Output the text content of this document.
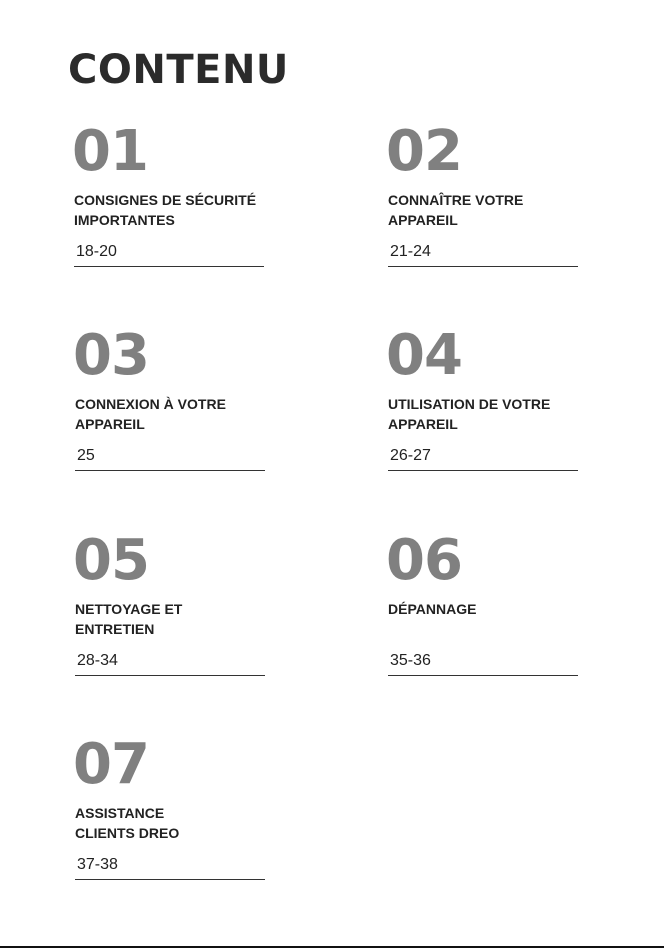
CONTENU
01
CONSIGNES DE SÉCURITÉ
IMPORTANTES
18-20
02
CONNAÎTRE VOTRE
APPAREIL
21-24
03
CONNEXION À VOTRE
APPAREIL
25
04
UTILISATION DE VOTRE
APPAREIL
26-27
05
NETTOYAGE ET
ENTRETIEN
28-34
06
DÉPANNAGE
35-36
07
ASSISTANCE
CLIENTS DREO
37-38
